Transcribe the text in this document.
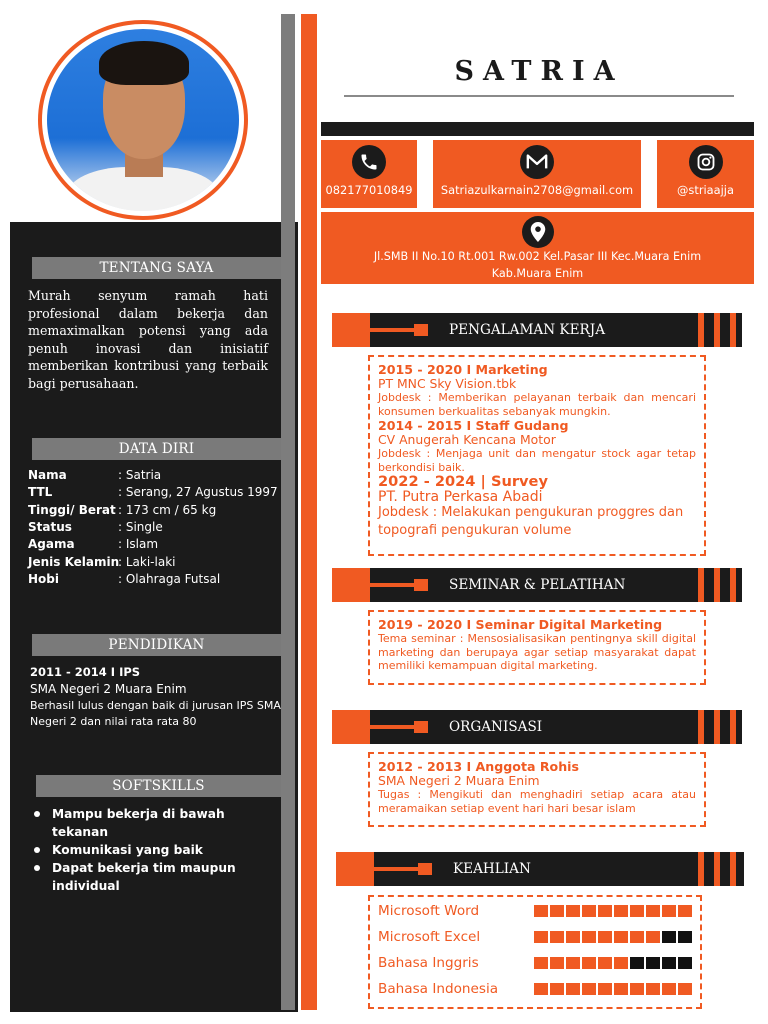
TENTANG SAYA

Murah senyum ramah hati profesional dalam bekerja dan memaximalkan potensi yang ada penuh inovasi dan inisiatif memberikan kontribusi yang terbaik bagi perusahaan.

DATA DIRI
Nama	: Satria
TTL	: Serang, 27 Agustus 1997
Tinggi/ Berat : 173 cm / 65 kg
Status	: Single
Agama	: Islam
Jenis Kelamin
: Laki-laki
Hobi	: Olahraga Futsal
PENDIDIKAN
2011 - 2014 I IPS
SMA Negeri 2 Muara Enim
Berhasil lulus dengan baik di jurusan IPS SMA Negeri 2 dan nilai rata rata 80
SOFTSKILLS
Mampu bekerja di bawah tekanan
Komunikasi yang baik
Dapat bekerja tim maupun individual
SATRIA
082177010849	Satriazulkarnain2708@gmail.com	@striaajja
Jl.SMB II No.10 Rt.001 Rw.002 Kel.Pasar III Kec.Muara Enim Kab.Muara Enim
PENGALAMAN KERJA
2015 - 2020 I Marketing
PT MNC Sky Vision.tbk
Jobdesk : Memberikan pelayanan terbaik dan mencari konsumen berkualitas sebanyak mungkin.
2014 - 2015 I Staff Gudang
CV Anugerah Kencana Motor
Jobdesk : Menjaga unit dan mengatur stock agar tetap berkondisi baik.
2022 - 2024 | Survey
PT. Putra Perkasa Abadi
Jobdesk : Melakukan pengukuran proggres dan topografi pengukuran volume
SEMINAR & PELATIHAN
2019 - 2020 I Seminar Digital Marketing
Tema seminar : Mensosialisasikan pentingnya skill digital marketing dan berupaya agar setiap masyarakat dapat memiliki kemampuan digital marketing.
ORGANISASI
2012 - 2013 I Anggota Rohis
SMA Negeri 2 Muara Enim
Tugas : Mengikuti dan menghadiri setiap acara atau meramaikan setiap event hari hari besar islam
KEAHLIAN
Microsoft Word
Microsoft Excel
Bahasa Inggris
Bahasa Indonesia
